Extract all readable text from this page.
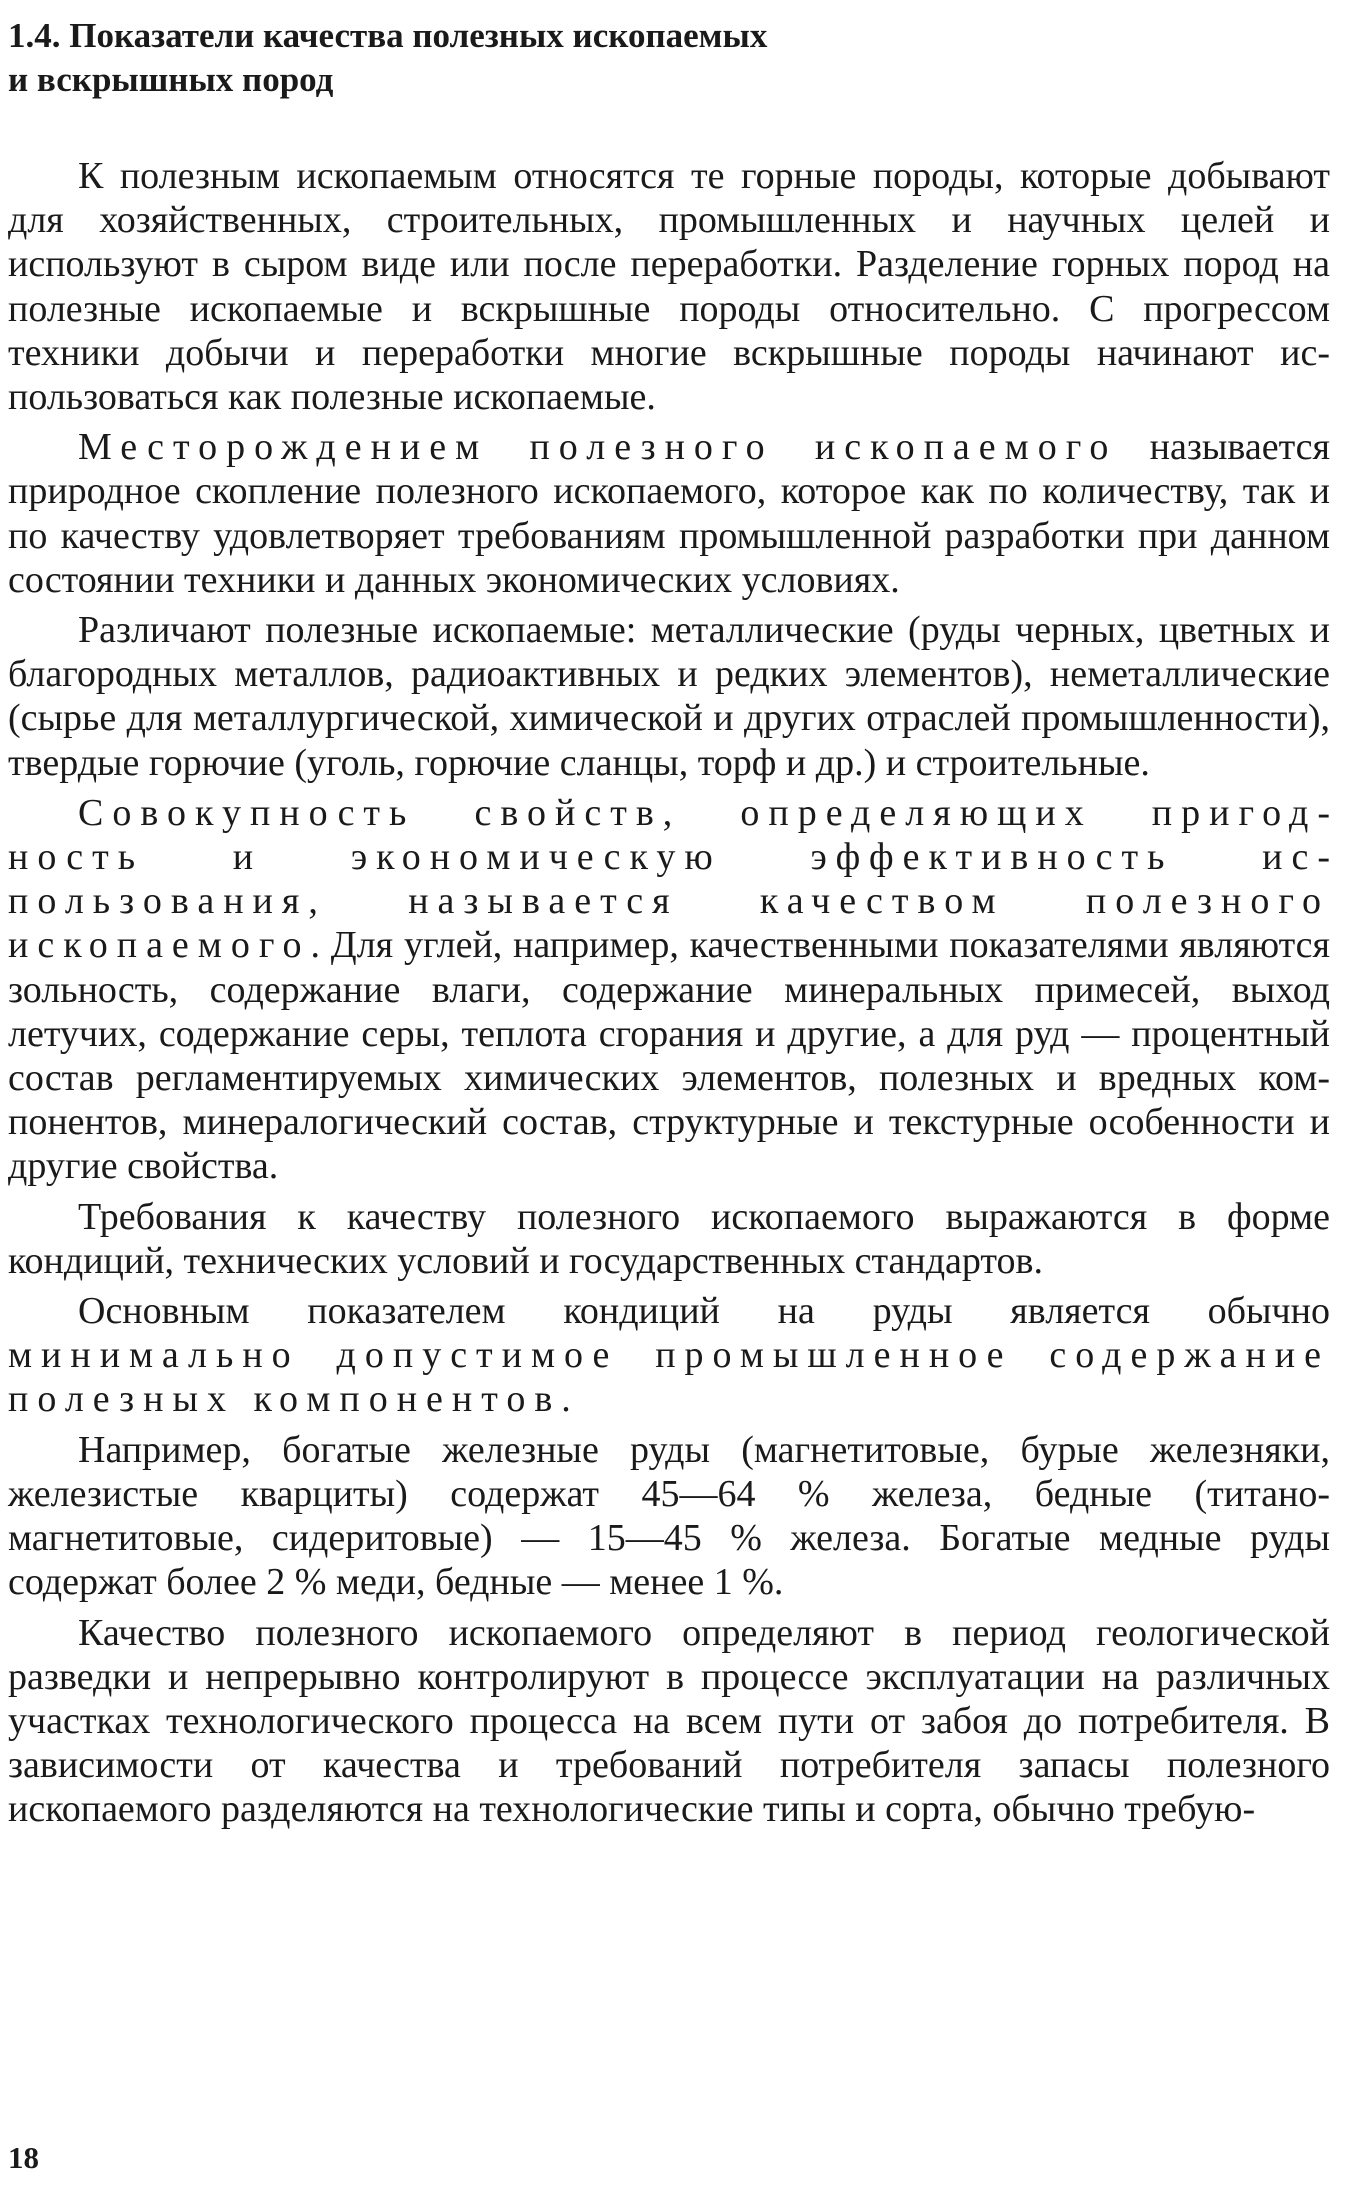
1.4. Показатели качества полезных ископаемых
и вскрышных пород

К полезным ископаемым относятся те горные породы, которые добывают для хозяйственных, строительных, промышленных и научных целей и используют в сыром виде или после переработки. Разделение горных пород на полезные ископаемые и вскрышные породы относительно. С прогрессом техники добычи и переработки многие вскрышные породы начинают использоваться как полезные ископаемые.

Месторождением полезного ископаемого называется природное скопление полезного ископаемого, которое как по количеству, так и по качеству удовлетворяет требованиям промышленной разработки при данном состоянии техники и данных экономических условиях.

Различают полезные ископаемые: металлические (руды черных, цветных и благородных металлов, радиоактивных и редких элементов), неметаллические (сырье для металлургической, химической и других отраслей промышленности), твердые горючие (уголь, горючие сланцы, торф и др.) и строительные.

Совокупность свойств, определяющих пригодность и экономическую эффективность использования, называется качеством полезного ископаемого. Для углей, например, качественными показателями являются зольность, содержание влаги, содержание минеральных примесей, выход летучих, содержание серы, теплота сгорания и другие, а для руд — процентный состав регламентируемых химических элементов, полезных и вредных компонентов, минералогический состав, структурные и текстурные особенности и другие свойства.

Требования к качеству полезного ископаемого выражаются в форме кондиций, технических условий и государственных стандартов.

Основным показателем кондиций на руды является обычно минимально допустимое промышленное содержание полезных компонентов.

Например, богатые железные руды (магнетитовые, бурые железняки, железистые кварциты) содержат 45—64 % железа, бедные (титано-магнетитовые, сидеритовые) — 15—45 % железа. Богатые медные руды содержат более 2 % меди, бедные — менее 1 %.

Качество полезного ископаемого определяют в период геологической разведки и непрерывно контролируют в процессе эксплуатации на различных участках технологического процесса на всем пути от забоя до потребителя. В зависимости от качества и требований потребителя запасы полезного ископаемого разделяются на технологические типы и сорта, обычно требую-

18
